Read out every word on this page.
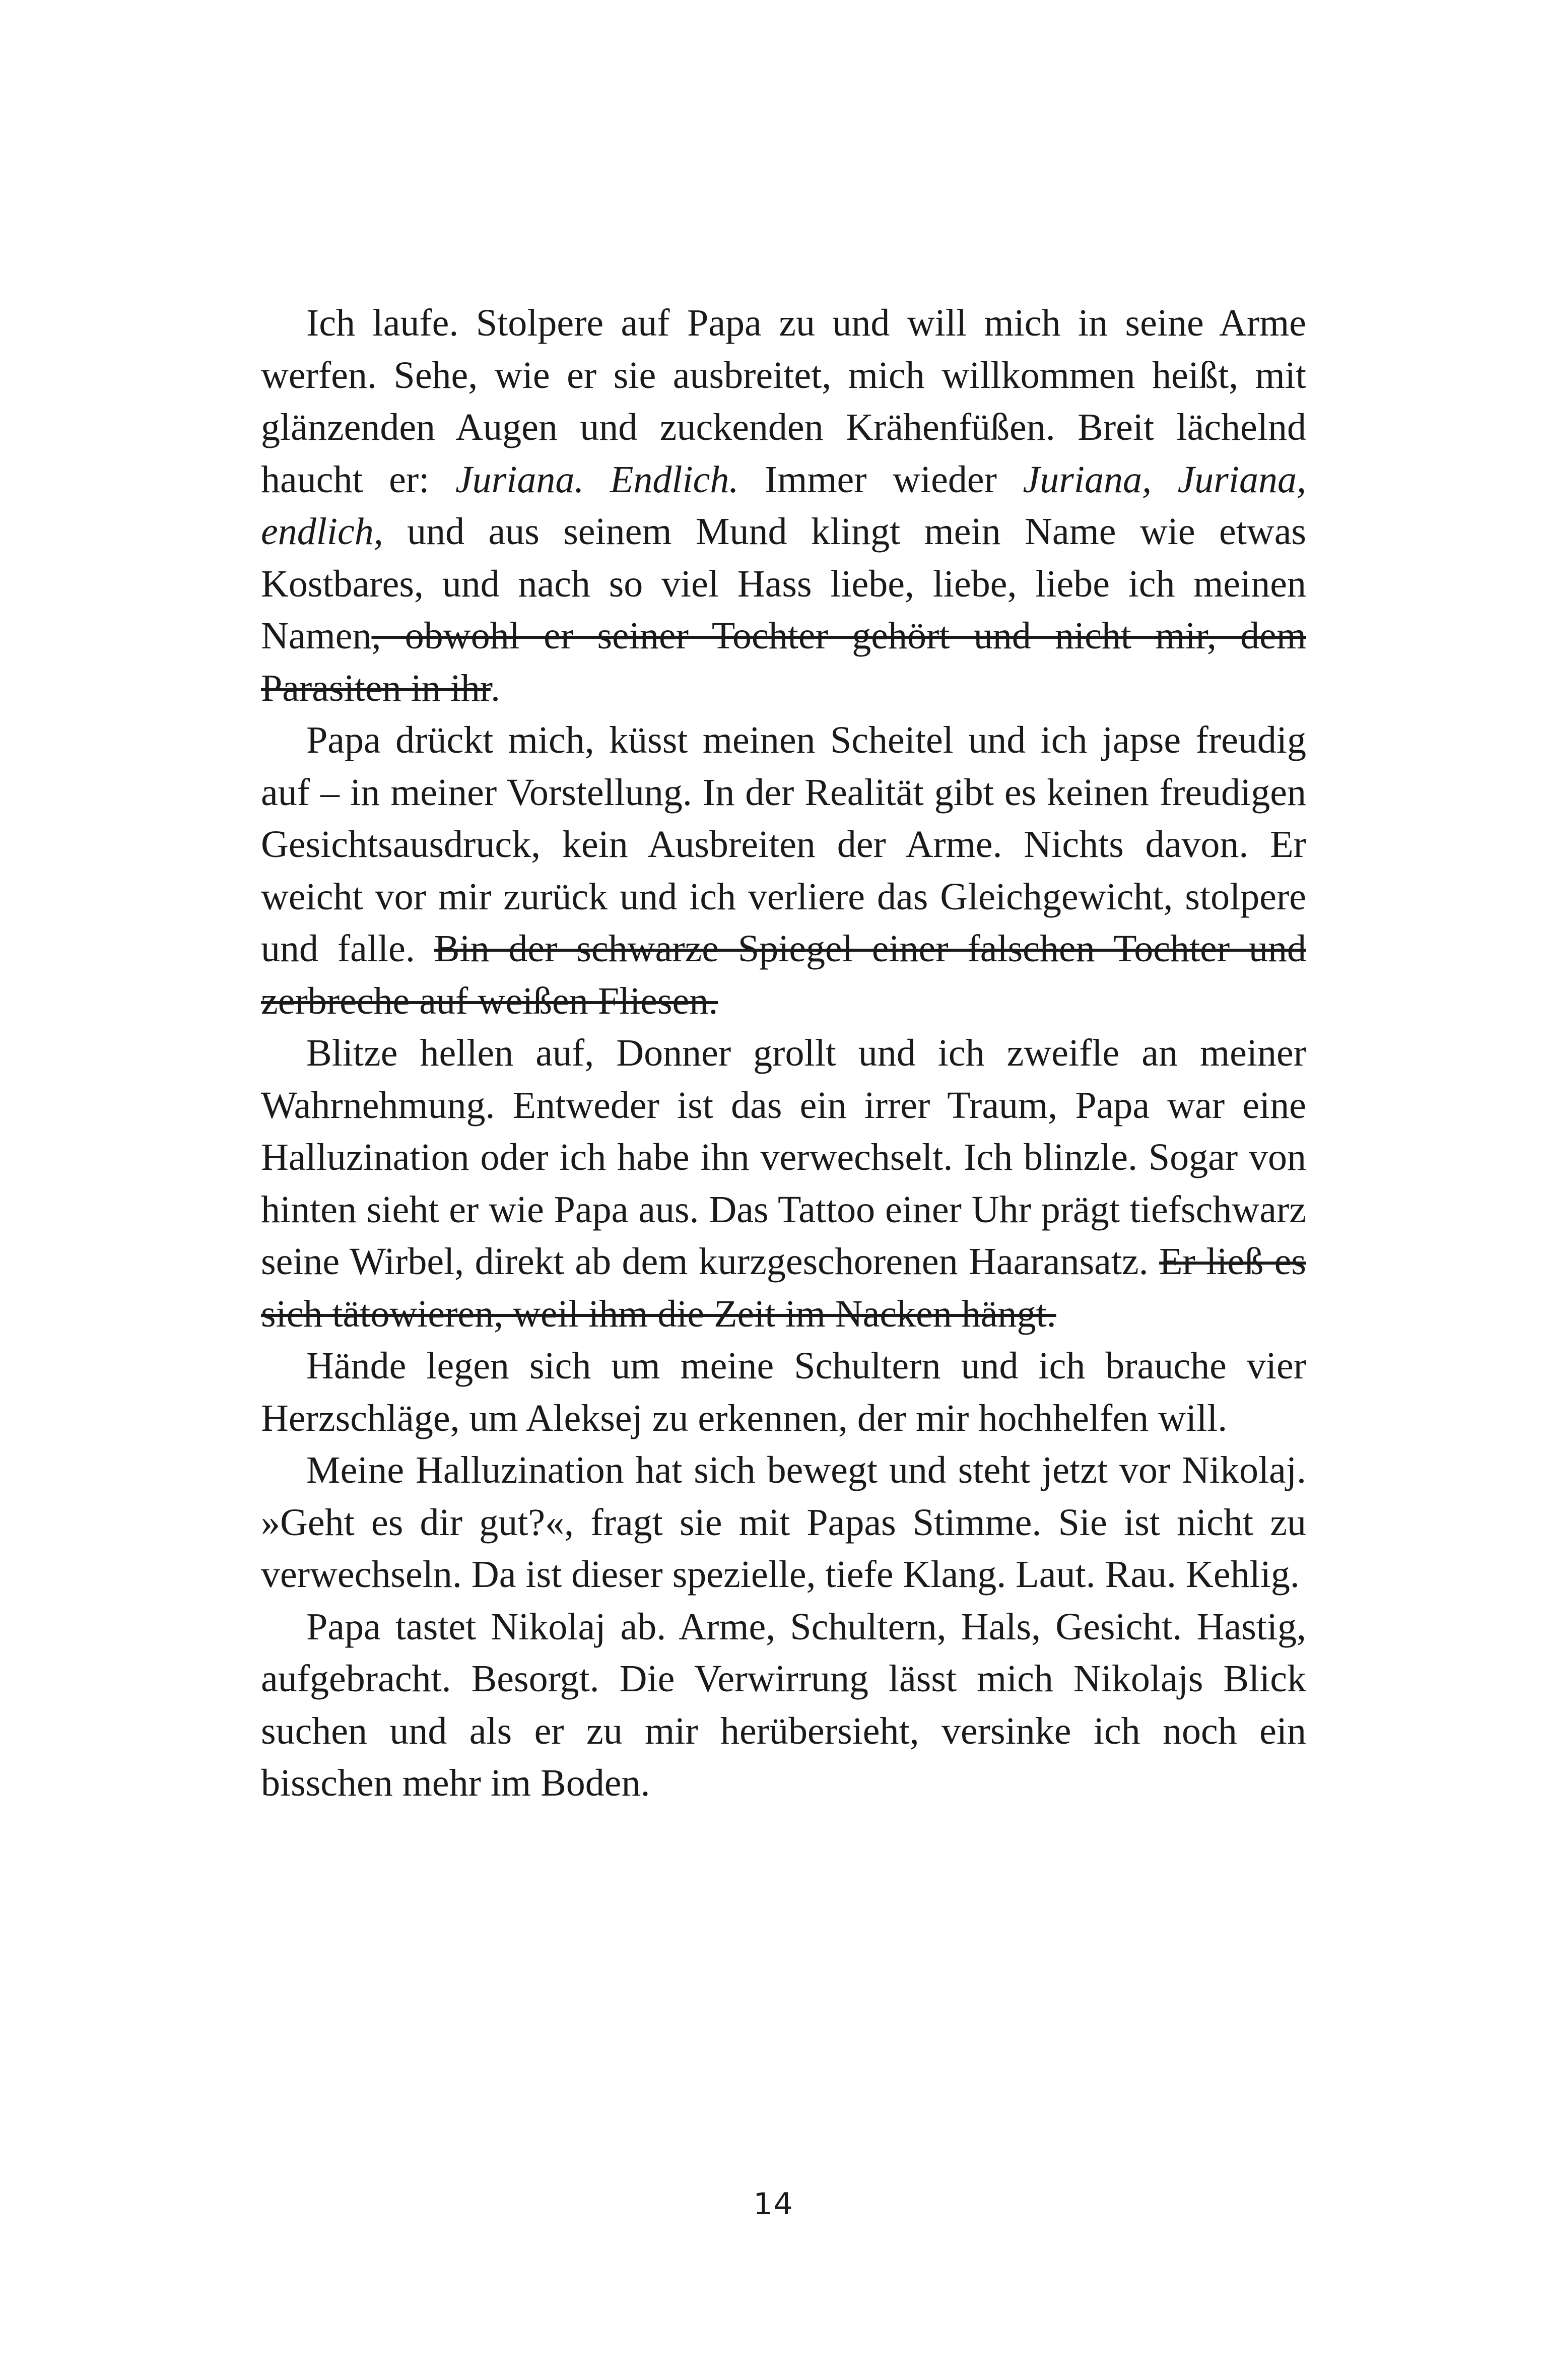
Ich laufe. Stolpere auf Papa zu und will mich in seine Arme werfen. Sehe, wie er sie ausbreitet, mich willkommen heißt, mit glänzenden Augen und zuckenden Krähenfüßen. Breit lächelnd haucht er: Juriana. Endlich. Immer wieder Juriana, Juriana, endlich, und aus seinem Mund klingt mein Name wie etwas Kostbares, und nach so viel Hass liebe, liebe, liebe ich meinen Namen, obwohl er seiner Tochter gehört und nicht mir, dem Parasiten in ihr.

Papa drückt mich, küsst meinen Scheitel und ich japse freudig auf – in meiner Vorstellung. In der Realität gibt es keinen freudigen Gesichtsausdruck, kein Ausbreiten der Arme. Nichts davon. Er weicht vor mir zurück und ich verliere das Gleichgewicht, stolpere und falle. Bin der schwarze Spiegel einer falschen Tochter und zerbreche auf weißen Fliesen.

Blitze hellen auf, Donner grollt und ich zweifle an meiner Wahrnehmung. Entweder ist das ein irrer Traum, Papa war eine Halluzination oder ich habe ihn verwechselt. Ich blinzle. Sogar von hinten sieht er wie Papa aus. Das Tattoo einer Uhr prägt tiefschwarz seine Wirbel, direkt ab dem kurzgeschorenen Haaransatz. Er ließ es sich tätowieren, weil ihm die Zeit im Nacken hängt.

Hände legen sich um meine Schultern und ich brauche vier Herzschläge, um Aleksej zu erkennen, der mir hochhelfen will.

Meine Halluzination hat sich bewegt und steht jetzt vor Nikolaj. »Geht es dir gut?«, fragt sie mit Papas Stimme. Sie ist nicht zu verwechseln. Da ist dieser spezielle, tiefe Klang. Laut. Rau. Kehlig.

Papa tastet Nikolaj ab. Arme, Schultern, Hals, Gesicht. Hastig, aufgebracht. Besorgt. Die Verwirrung lässt mich Nikolajs Blick suchen und als er zu mir herübersieht, versinke ich noch ein bisschen mehr im Boden.

14
